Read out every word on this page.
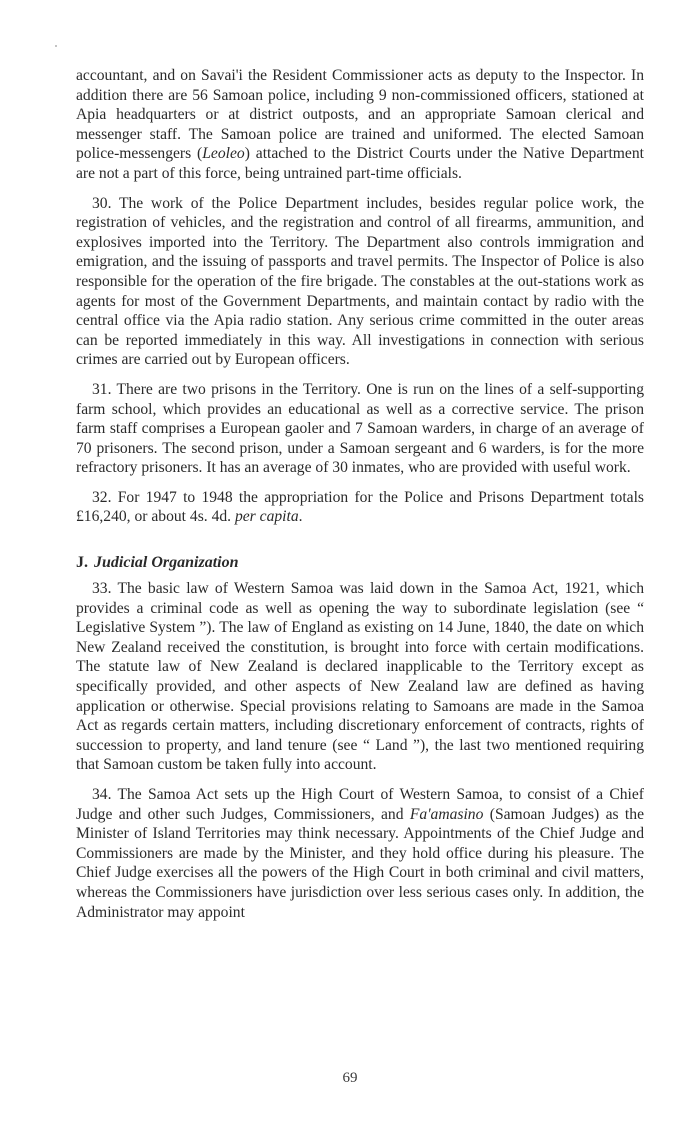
accountant, and on Savai'i the Resident Commissioner acts as deputy to the Inspector. In addition there are 56 Samoan police, including 9 non-commissioned officers, stationed at Apia headquarters or at district outposts, and an appropriate Samoan clerical and messenger staff. The Samoan police are trained and uniformed. The elected Samoan police-messengers (Leoleo) attached to the District Courts under the Native Department are not a part of this force, being untrained part-time officials.

30. The work of the Police Department includes, besides regular police work, the registration of vehicles, and the registration and control of all firearms, ammunition, and explosives imported into the Territory. The Department also controls immigration and emigration, and the issuing of passports and travel permits. The Inspector of Police is also responsible for the operation of the fire brigade. The constables at the out-stations work as agents for most of the Government Departments, and maintain contact by radio with the central office via the Apia radio station. Any serious crime committed in the outer areas can be reported immediately in this way. All investigations in connection with serious crimes are carried out by European officers.

31. There are two prisons in the Territory. One is run on the lines of a self-supporting farm school, which provides an educational as well as a corrective service. The prison farm staff comprises a European gaoler and 7 Samoan warders, in charge of an average of 70 prisoners. The second prison, under a Samoan sergeant and 6 warders, is for the more refractory prisoners. It has an average of 30 inmates, who are provided with useful work.

32. For 1947 to 1948 the appropriation for the Police and Prisons Department totals £16,240, or about 4s. 4d. per capita.

J. Judicial Organization

33. The basic law of Western Samoa was laid down in the Samoa Act, 1921, which provides a criminal code as well as opening the way to subordinate legislation (see “ Legislative System ”). The law of England as existing on 14 June, 1840, the date on which New Zealand received the constitution, is brought into force with certain modifications. The statute law of New Zealand is declared inapplicable to the Territory except as specifically provided, and other aspects of New Zealand law are defined as having application or otherwise. Special provisions relating to Samoans are made in the Samoa Act as regards certain matters, including discretionary enforcement of contracts, rights of succession to property, and land tenure (see “ Land ”), the last two mentioned requiring that Samoan custom be taken fully into account.

34. The Samoa Act sets up the High Court of Western Samoa, to consist of a Chief Judge and other such Judges, Commissioners, and Fa'amasino (Samoan Judges) as the Minister of Island Territories may think necessary. Appointments of the Chief Judge and Commissioners are made by the Minister, and they hold office during his pleasure. The Chief Judge exercises all the powers of the High Court in both criminal and civil matters, whereas the Commissioners have jurisdiction over less serious cases only. In addition, the Administrator may appoint

69
